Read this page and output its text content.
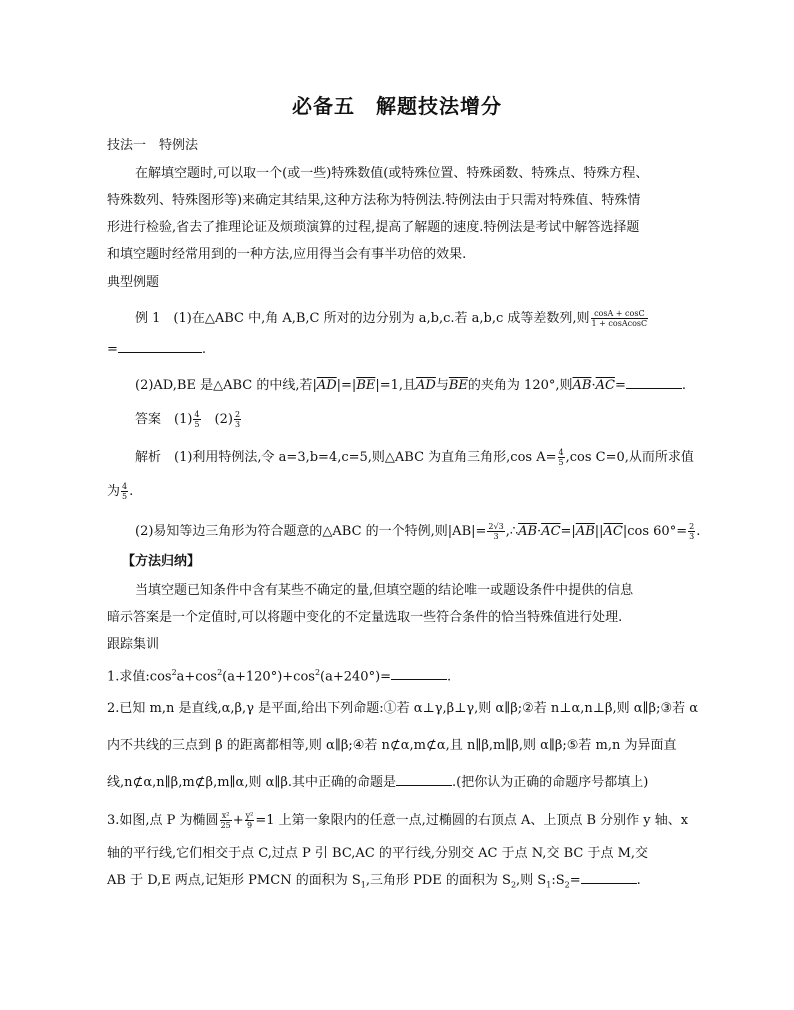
必备五　解题技法增分
技法一　特例法
在解填空题时,可以取一个(或一些)特殊数值(或特殊位置、特殊函数、特殊点、特殊方程、
特殊数列、特殊图形等)来确定其结果,这种方法称为特例法.特例法由于只需对特殊值、特殊情
形进行检验,省去了推理论证及烦琐演算的过程,提高了解题的速度.特例法是考试中解答选择题
和填空题时经常用到的一种方法,应用得当会有事半功倍的效果.
典型例题
例 1　(1)在△ABC 中,角 A,B,C 所对的边分别为 a,b,c.若 a,b,c 成等差数列,则 $\frac{\cos A + \cos C}{\text{1 + cosAcosC}}$
=	.
(2)AD,BE 是△ABC 的中线,若$|\overline{AD}|=|\overline{BE}|=1$,且$\overline{AD}$与$\overline{BE}$的夹角为 120°,则$\overline{AB}\cdot\overline{AC}=$	.
答案　$(1) \frac{4}{5}$ 　$(2) \frac{2}{3}$
解析　(1)利用特例法,令 a=3,b=4,c=5,则△ABC 为直角三角形,cos $A= \frac{4}{5} ,\cos$ C=0,从而所求值
为 $\frac{4}{5}$ .
(2)易知等边三角形为符合题意的△ABC 的一个特例,则$|AB|= \frac{2√3}{3}$ $,\therefore\overline{AB}\cdot\overline{AC}=|\overline{AB}||\overline{AC}|\cos$ $60^\circ= \frac{2}{3}$ .
【方法归纳】
当填空题已知条件中含有某些不确定的量,但填空题的结论唯一或题设条件中提供的信息
暗示答案是一个定值时,可以将题中变化的不定量选取一些符合条件的恰当特殊值进行处理.
跟踪集训
1.求值$:\cos^2a+\cos^2(a+120^\circ)+\cos^2(a+240^\circ)=$	.
2.已知 m,n 是直线,α,β,γ 是平面,给出下列命题:①若 α⊥γ,β⊥γ,则 α∥β;②若 n⊥α,n⊥β,则 α∥β;③若 α
内不共线的三点到 β 的距离都相等,则 α∥β;④若 n⊄α,m⊄α,且 n∥β,m∥β,则 α∥β;⑤若 m,n 为异面直
线,n⊄α,n∥β,m⊄β,m∥α,则 α∥β.其中正确的命题是	.(把你认为正确的命题序号都填上)
3.如图,点 P 为椭圆 $\frac{\text{x²}}{25} + \frac{\text{y²}}{9} =1$ 上第一象限内的任意一点,过椭圆的右顶点 A、上顶点 B 分别作 y 轴、x
轴的平行线,它们相交于点 C,过点 P 引 BC,AC 的平行线,分别交 AC 于点 N,交 BC 于点 M,交
AB 于 D,E 两点,记矩形 PMCN 的面积为 $S_1$,三角形 PDE 的面积为 $S_2$,则 $S_1:S_2=$	.
